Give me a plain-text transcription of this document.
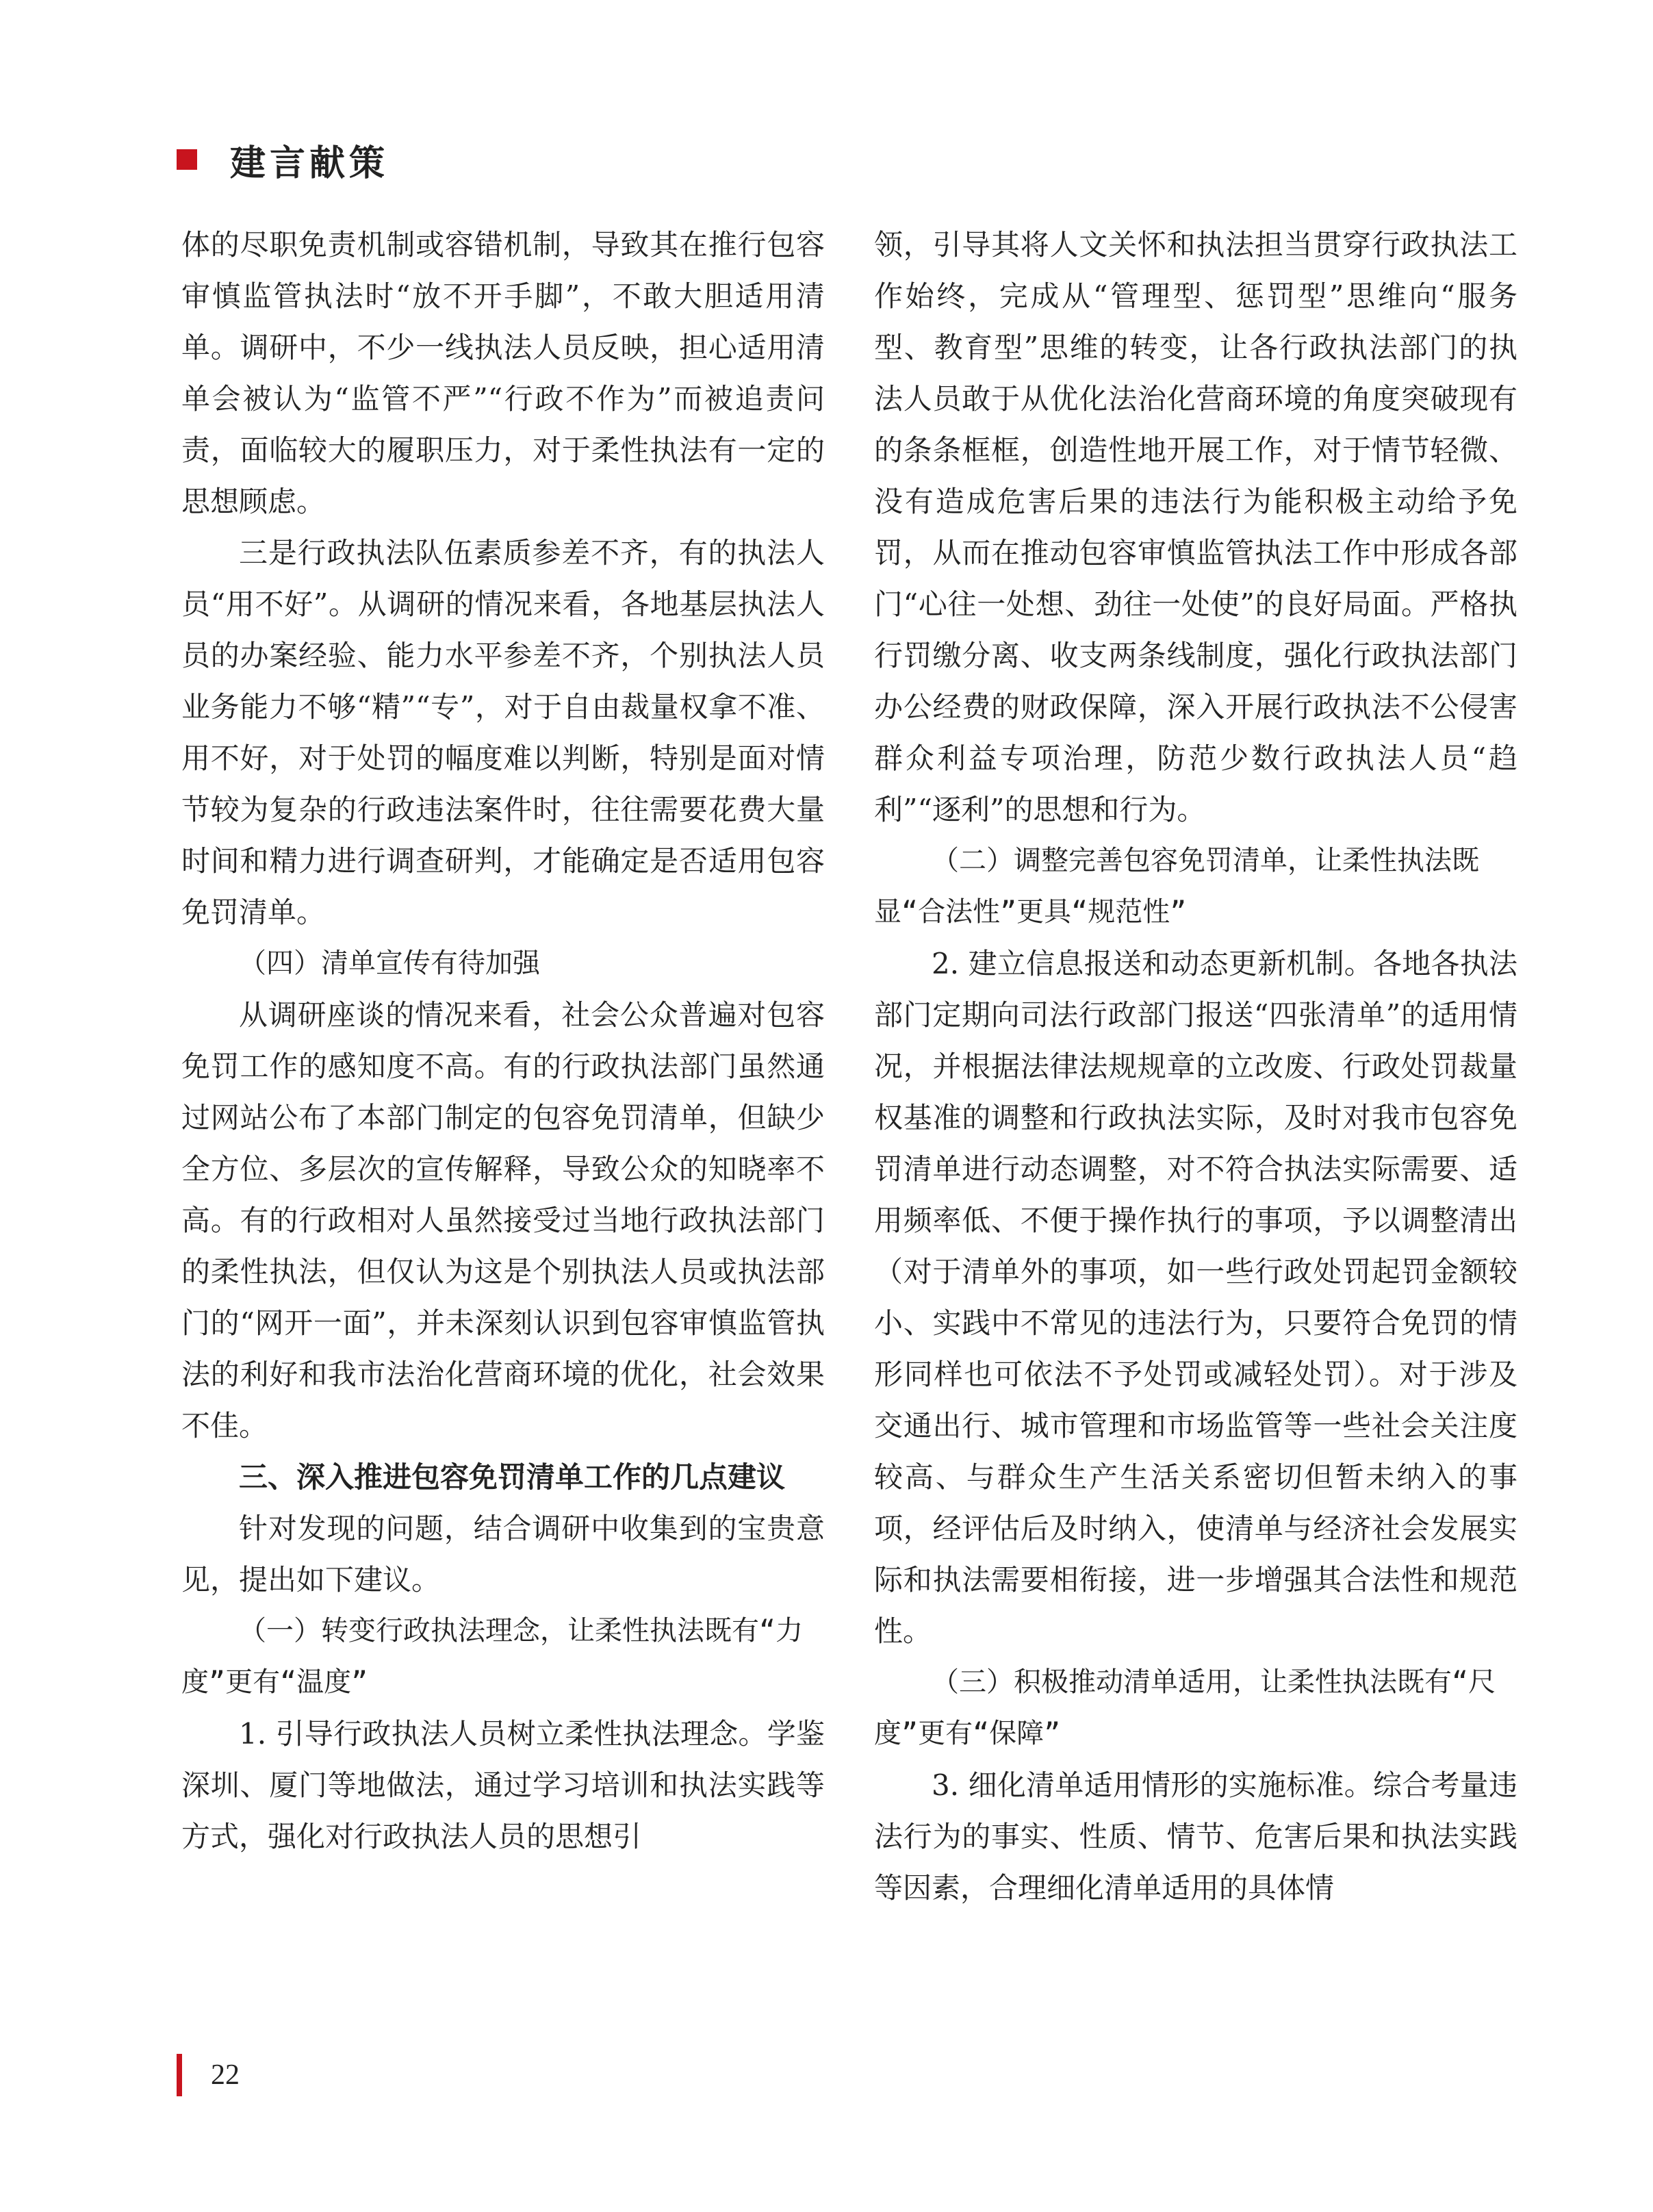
建言献策

体的尽职免责机制或容错机制，导致其在推行包容审慎监管执法时“放不开手脚”，不敢大胆适用清单。调研中，不少一线执法人员反映，担心适用清单会被认为“监管不严”“行政不作为”而被追责问责，面临较大的履职压力，对于柔性执法有一定的思想顾虑。

三是行政执法队伍素质参差不齐，有的执法人员“用不好”。从调研的情况来看，各地基层执法人员的办案经验、能力水平参差不齐，个别执法人员业务能力不够“精”“专”，对于自由裁量权拿不准、用不好，对于处罚的幅度难以判断，特别是面对情节较为复杂的行政违法案件时，往往需要花费大量时间和精力进行调查研判，才能确定是否适用包容免罚清单。

（四）清单宣传有待加强

从调研座谈的情况来看，社会公众普遍对包容免罚工作的感知度不高。有的行政执法部门虽然通过网站公布了本部门制定的包容免罚清单，但缺少全方位、多层次的宣传解释，导致公众的知晓率不高。有的行政相对人虽然接受过当地行政执法部门的柔性执法，但仅认为这是个别执法人员或执法部门的“网开一面”，并未深刻认识到包容审慎监管执法的利好和我市法治化营商环境的优化，社会效果不佳。

三、深入推进包容免罚清单工作的几点建议

针对发现的问题，结合调研中收集到的宝贵意见，提出如下建议。

（一）转变行政执法理念，让柔性执法既有“力度”更有“温度”

1. 引导行政执法人员树立柔性执法理念。学鉴深圳、厦门等地做法，通过学习培训和执法实践等方式，强化对行政执法人员的思想引

领，引导其将人文关怀和执法担当贯穿行政执法工作始终，完成从“管理型、惩罚型”思维向“服务型、教育型”思维的转变，让各行政执法部门的执法人员敢于从优化法治化营商环境的角度突破现有的条条框框，创造性地开展工作，对于情节轻微、没有造成危害后果的违法行为能积极主动给予免罚，从而在推动包容审慎监管执法工作中形成各部门“心往一处想、劲往一处使”的良好局面。严格执行罚缴分离、收支两条线制度，强化行政执法部门办公经费的财政保障，深入开展行政执法不公侵害群众利益专项治理，防范少数行政执法人员“趋利”“逐利”的思想和行为。

（二）调整完善包容免罚清单，让柔性执法既显“合法性”更具“规范性”

2. 建立信息报送和动态更新机制。各地各执法部门定期向司法行政部门报送“四张清单”的适用情况，并根据法律法规规章的立改废、行政处罚裁量权基准的调整和行政执法实际，及时对我市包容免罚清单进行动态调整，对不符合执法实际需要、适用频率低、不便于操作执行的事项，予以调整清出（对于清单外的事项，如一些行政处罚起罚金额较小、实践中不常见的违法行为，只要符合免罚的情形同样也可依法不予处罚或减轻处罚）。对于涉及交通出行、城市管理和市场监管等一些社会关注度较高、与群众生产生活关系密切但暂未纳入的事项，经评估后及时纳入，使清单与经济社会发展实际和执法需要相衔接，进一步增强其合法性和规范性。

（三）积极推动清单适用，让柔性执法既有“尺度”更有“保障”

3. 细化清单适用情形的实施标准。综合考量违法行为的事实、性质、情节、危害后果和执法实践等因素，合理细化清单适用的具体情

22
